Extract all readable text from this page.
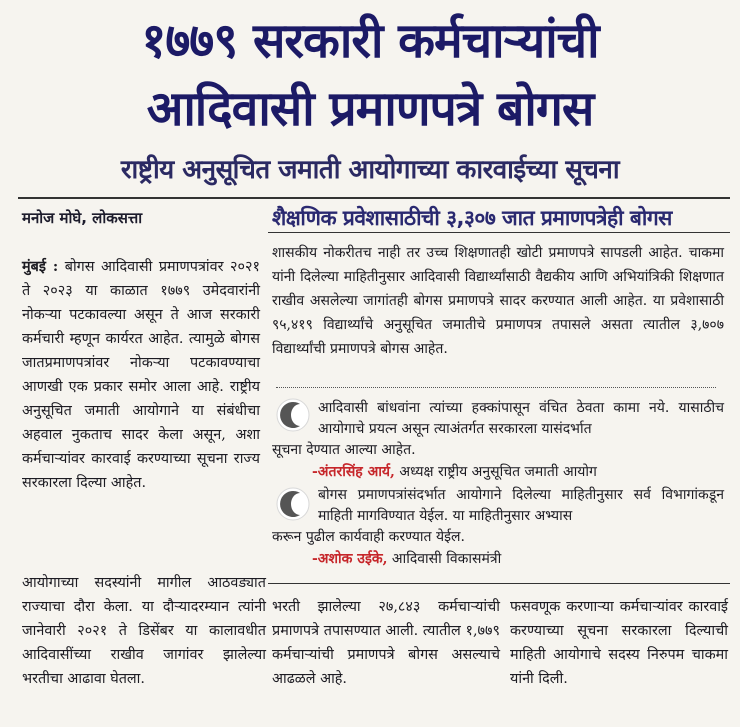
१७७९ सरकारी कर्मचाऱ्यांची
आदिवासी प्रमाणपत्रे बोगस
राष्ट्रीय अनुसूचित जमाती आयोगाच्या कारवाईच्या सूचना
मनोज मोघे, लोकसत्ता	शैक्षणिक प्रवेशासाठीची ३,३०७ जात प्रमाणपत्रेही बोगस
मुंबई : बोगस आदिवासी प्रमाणपत्रांवर २०२१ ते २०२३ या काळात १७७९ उमेदवारांनी नोकऱ्या पटकावल्या असून ते आज सरकारी कर्मचारी म्हणून कार्यरत आहेत. त्यामुळे बोगस जातप्रमाणपत्रांवर नोकऱ्या पटकावण्याचा आणखी एक प्रकार समोर आला आहे. राष्ट्रीय अनुसूचित जमाती आयोगाने या संबंधीचा अहवाल नुकताच सादर केला असून, अशा कर्मचाऱ्यांवर कारवाई करण्याच्या सूचना राज्य सरकारला दिल्या आहेत.
शासकीय नोकरीतच नाही तर उच्च शिक्षणातही खोटी प्रमाणपत्रे सापडली आहेत. चाकमा यांनी दिलेल्या माहितीनुसार आदिवासी विद्यार्थ्यांसाठी वैद्यकीय आणि अभियांत्रिकी शिक्षणात राखीव असलेल्या जागांतही बोगस प्रमाणपत्रे सादर करण्यात आली आहेत. या प्रवेशासाठी ९५,४१९ विद्यार्थ्यांचे अनुसूचित जमातीचे प्रमाणपत्र तपासले असता त्यातील ३,७०७ विद्यार्थ्यांची प्रमाणपत्रे बोगस आहेत.
आदिवासी बांधवांना त्यांच्या हक्कांपासून वंचित ठेवता कामा नये. यासाठीच आयोगाचे प्रयत्न असून त्याअंतर्गत सरकारला यासंदर्भात
सूचना देण्यात आल्या आहेत.
-अंतरसिंह आर्य, अध्यक्ष राष्ट्रीय अनुसूचित जमाती आयोग
बोगस प्रमाणपत्रांसंदर्भात आयोगाने दिलेल्या माहितीनुसार सर्व विभागांकडून माहिती मागविण्यात येईल. या माहितीनुसार अभ्यास
करून पुढील कार्यवाही करण्यात येईल.
-अशोक उईके, आदिवासी विकासमंत्री
आयोगाच्या सदस्यांनी मागील आठवड्यात राज्याचा दौरा केला. या दौऱ्यादरम्यान त्यांनी जानेवारी २०२१ ते डिसेंबर या कालावधीत आदिवासींच्या राखीव जागांवर झालेल्या भरतीचा आढावा घेतला.
भरती झालेल्या २७,८४३ कर्मचाऱ्यांची प्रमाणपत्रे तपासण्यात आली. त्यातील १,७७९ कर्मचाऱ्यांची प्रमाणपत्रे बोगस असल्याचे आढळले आहे.
फसवणूक करणाऱ्या कर्मचाऱ्यांवर कारवाई करण्याच्या सूचना सरकारला दिल्याची माहिती आयोगाचे सदस्य निरुपम चाकमा यांनी दिली.
